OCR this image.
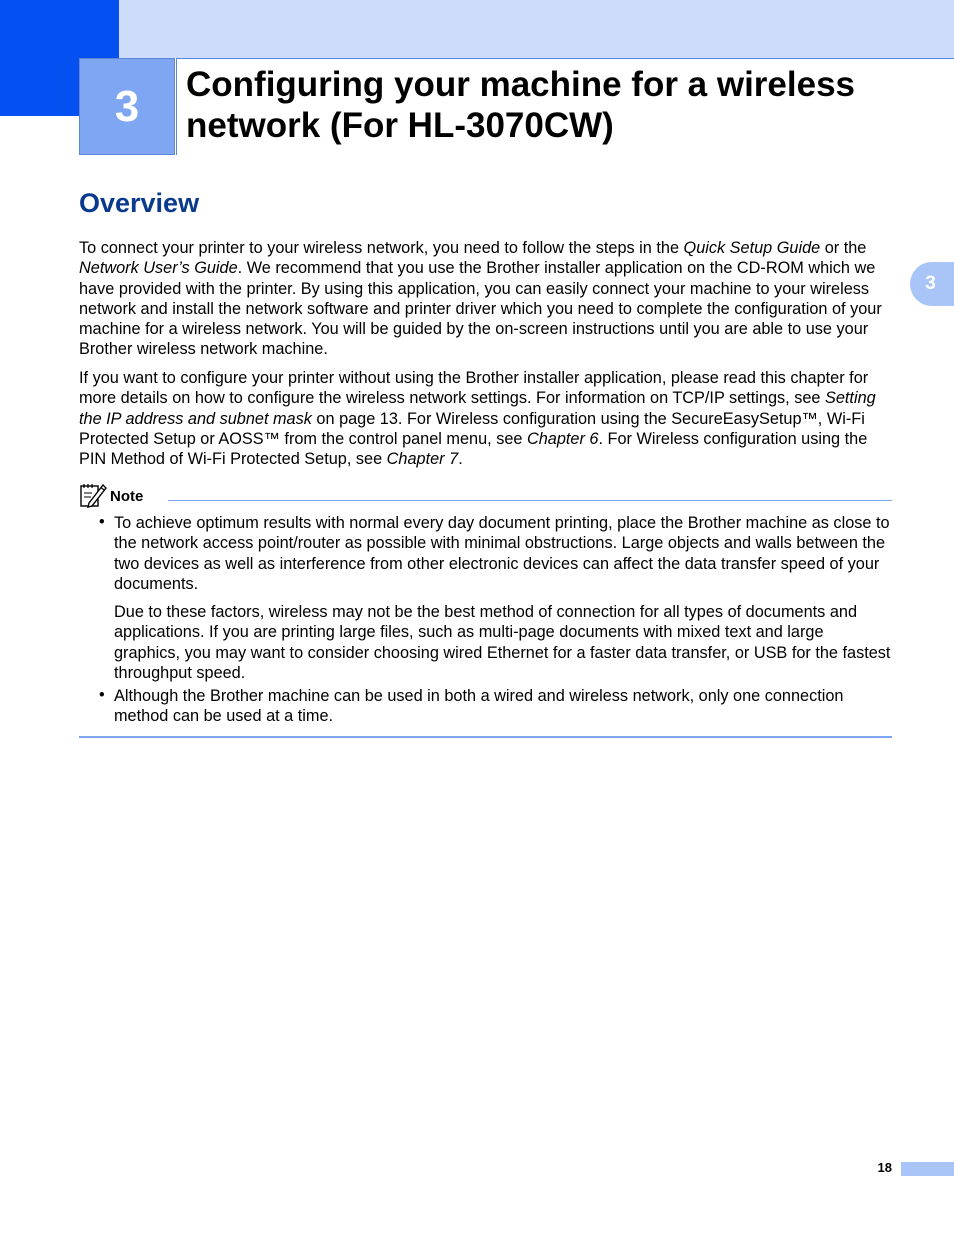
3 Configuring your machine for a wireless network (For HL-3070CW)
3
Overview

To connect your printer to your wireless network, you need to follow the steps in the Quick Setup Guide or the Network User’s Guide. We recommend that you use the Brother installer application on the CD-ROM which we have provided with the printer. By using this application, you can easily connect your machine to your wireless network and install the network software and printer driver which you need to complete the configuration of your machine for a wireless network. You will be guided by the on-screen instructions until you are able to use your Brother wireless network machine.

If you want to configure your printer without using the Brother installer application, please read this chapter for more details on how to configure the wireless network settings. For information on TCP/IP settings, see Setting the IP address and subnet mask on page 13. For Wireless configuration using the SecureEasySetup™, Wi-Fi Protected Setup or AOSS™ from the control panel menu, see Chapter 6. For Wireless configuration using the PIN Method of Wi-Fi Protected Setup, see Chapter 7.

Note
• To achieve optimum results with normal every day document printing, place the Brother machine as close to the network access point/router as possible with minimal obstructions. Large objects and walls between the two devices as well as interference from other electronic devices can affect the data transfer speed of your documents.

Due to these factors, wireless may not be the best method of connection for all types of documents and applications. If you are printing large files, such as multi-page documents with mixed text and large graphics, you may want to consider choosing wired Ethernet for a faster data transfer, or USB for the fastest throughput speed.

• Although the Brother machine can be used in both a wired and wireless network, only one connection method can be used at a time.

18
